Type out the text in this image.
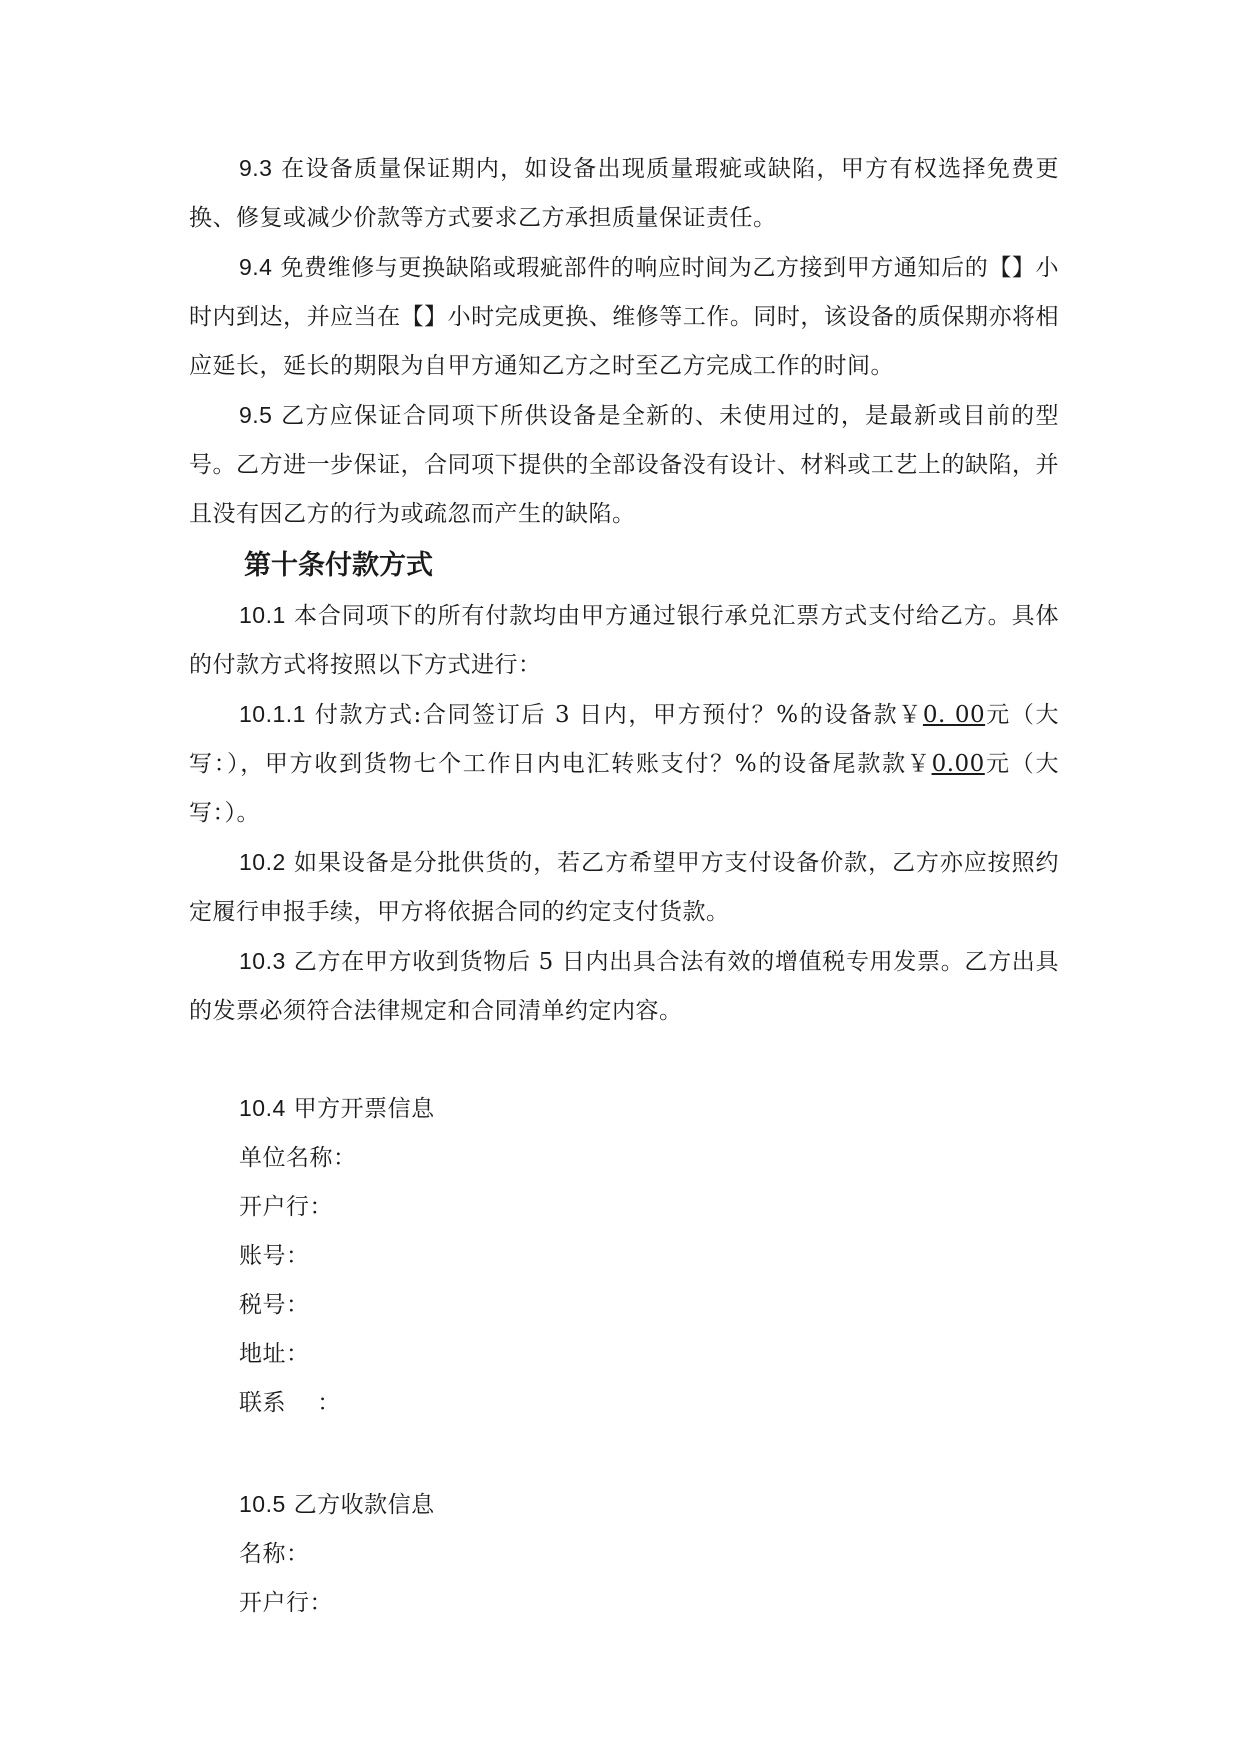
9.3 在设备质量保证期内，如设备出现质量瑕疵或缺陷，甲方有权选择免费更换、修复或减少价款等方式要求乙方承担质量保证责任。

9.4 免费维修与更换缺陷或瑕疵部件的响应时间为乙方接到甲方通知后的【】小时内到达，并应当在【】小时完成更换、维修等工作。同时，该设备的质保期亦将相应延长，延长的期限为自甲方通知乙方之时至乙方完成工作的时间。

9.5 乙方应保证合同项下所供设备是全新的、未使用过的，是最新或目前的型号。乙方进一步保证，合同项下提供的全部设备没有设计、材料或工艺上的缺陷，并且没有因乙方的行为或疏忽而产生的缺陷。

第十条付款方式

10.1 本合同项下的所有付款均由甲方通过银行承兑汇票方式支付给乙方。具体的付款方式将按照以下方式进行：

10.1.1 付款方式:合同签订后 3 日内，甲方预付？%的设备款￥0. 00元（大写：），甲方收到货物七个工作日内电汇转账支付？%的设备尾款款￥0.00元（大写：）。

10.2 如果设备是分批供货的，若乙方希望甲方支付设备价款，乙方亦应按照约定履行申报手续，甲方将依据合同的约定支付货款。

10.3 乙方在甲方收到货物后 5 日内出具合法有效的增值税专用发票。乙方出具的发票必须符合法律规定和合同清单约定内容。

10.4 甲方开票信息

单位名称：

开户行：

账号：

税号：

地址：

联系　 ：

10.5 乙方收款信息

名称：

开户行：
